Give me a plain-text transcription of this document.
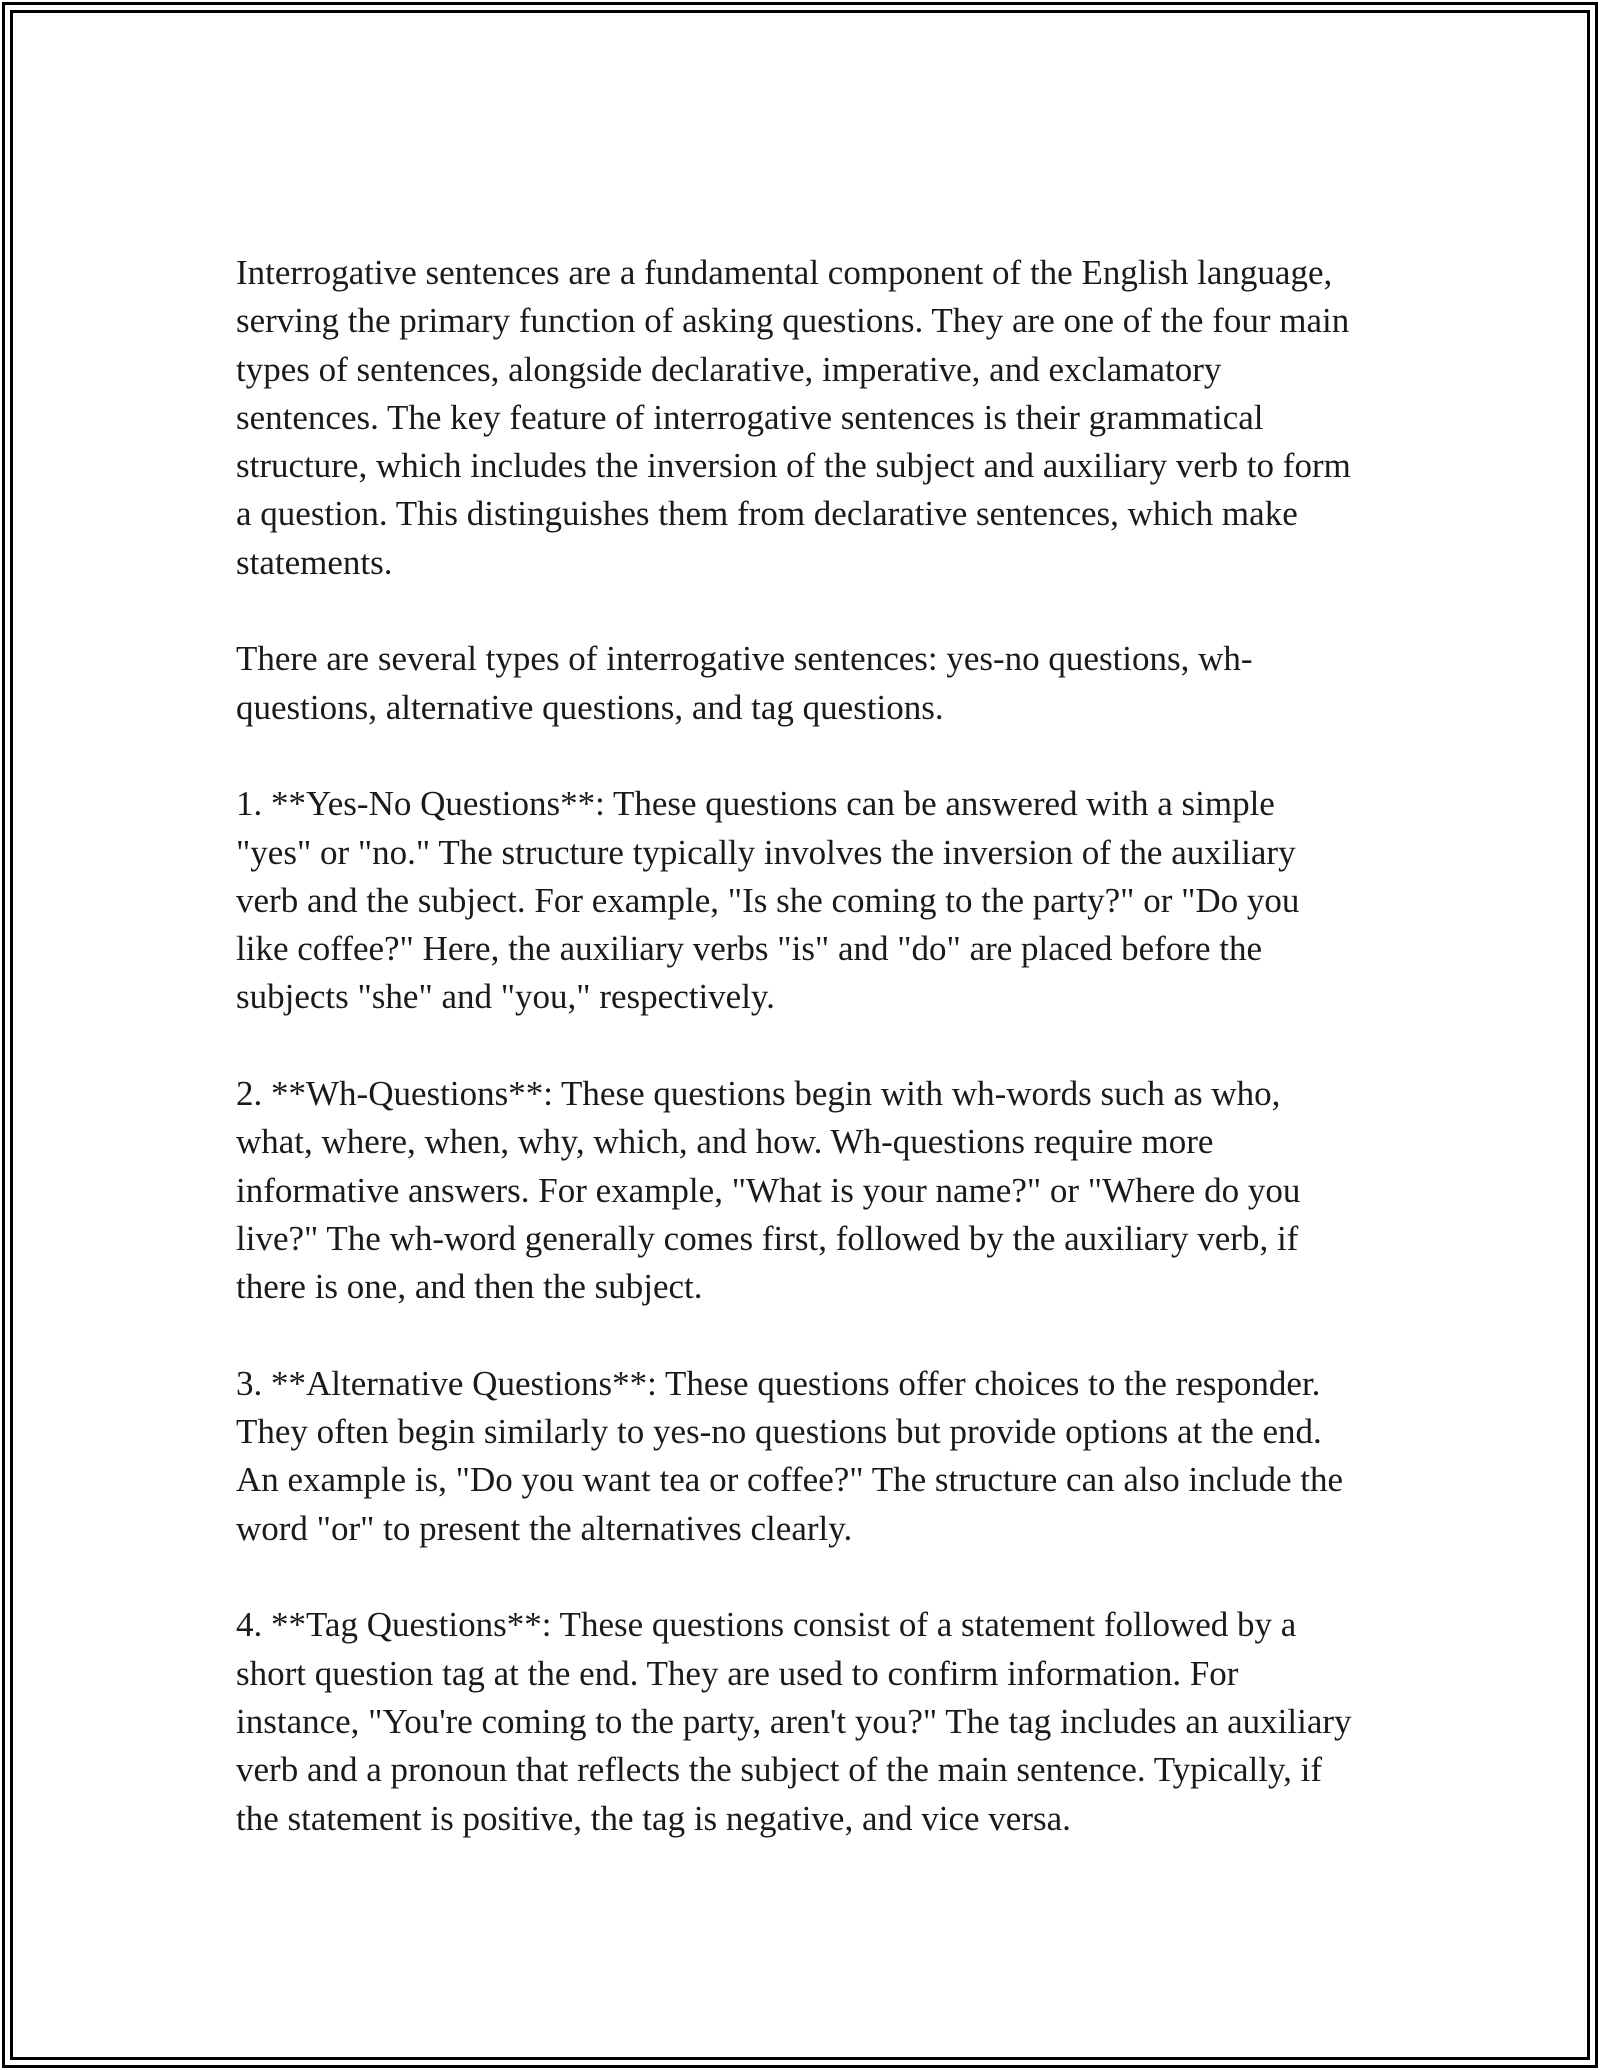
Interrogative sentences are a fundamental component of the English language, serving the primary function of asking questions. They are one of the four main types of sentences, alongside declarative, imperative, and exclamatory sentences. The key feature of interrogative sentences is their grammatical structure, which includes the inversion of the subject and auxiliary verb to form a question. This distinguishes them from declarative sentences, which make statements.

There are several types of interrogative sentences: yes-no questions, wh-questions, alternative questions, and tag questions.

1. **Yes-No Questions**: These questions can be answered with a simple "yes" or "no." The structure typically involves the inversion of the auxiliary verb and the subject. For example, "Is she coming to the party?" or "Do you like coffee?" Here, the auxiliary verbs "is" and "do" are placed before the subjects "she" and "you," respectively.

2. **Wh-Questions**: These questions begin with wh-words such as who, what, where, when, why, which, and how. Wh-questions require more informative answers. For example, "What is your name?" or "Where do you live?" The wh-word generally comes first, followed by the auxiliary verb, if there is one, and then the subject.

3. **Alternative Questions**: These questions offer choices to the responder. They often begin similarly to yes-no questions but provide options at the end. An example is, "Do you want tea or coffee?" The structure can also include the word "or" to present the alternatives clearly.

4. **Tag Questions**: These questions consist of a statement followed by a short question tag at the end. They are used to confirm information. For instance, "You're coming to the party, aren't you?" The tag includes an auxiliary verb and a pronoun that reflects the subject of the main sentence. Typically, if the statement is positive, the tag is negative, and vice versa.
